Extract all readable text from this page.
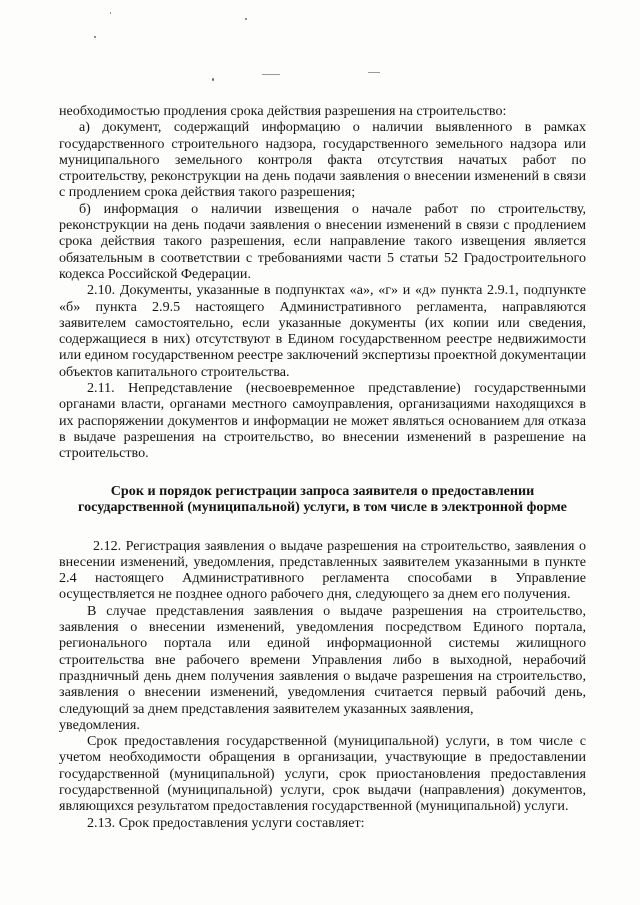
необходимостью продления срока действия разрешения на строительство:

а) документ, содержащий информацию о наличии выявленного в рамках государственного строительного надзора, государственного земельного надзора или муниципального земельного контроля факта отсутствия начатых работ по строительству, реконструкции на день подачи заявления о внесении изменений в связи с продлением срока действия такого разрешения;

б) информация о наличии извещения о начале работ по строительству, реконструкции на день подачи заявления о внесении изменений в связи с продлением срока действия такого разрешения, если направление такого извещения является обязательным в соответствии с требованиями части 5 статьи 52 Градостроительного кодекса Российской Федерации.

2.10. Документы, указанные в подпунктах «а», «г» и «д» пункта 2.9.1, подпункте «б» пункта 2.9.5 настоящего Административного регламента, направляются заявителем самостоятельно, если указанные документы (их копии или сведения, содержащиеся в них) отсутствуют в Едином государственном реестре недвижимости или едином государственном реестре заключений экспертизы проектной документации объектов капитального строительства.

2.11. Непредставление (несвоевременное представление) государственными органами власти, органами местного самоуправления, организациями находящихся в их распоряжении документов и информации не может являться основанием для отказа в выдаче разрешения на строительство, во внесении изменений в разрешение на строительство.

Срок и порядок регистрации запроса заявителя о предоставлении
государственной (муниципальной) услуги, в том числе в электронной форме

2.12. Регистрация заявления о выдаче разрешения на строительство, заявления о внесении изменений, уведомления, представленных заявителем указанными в пункте 2.4 настоящего Административного регламента способами в Управление осуществляется не позднее одного рабочего дня, следующего за днем его получения.

В случае представления заявления о выдаче разрешения на строительство, заявления о внесении изменений, уведомления посредством Единого портала, регионального портала или единой информационной системы жилищного строительства вне рабочего времени Управления либо в выходной, нерабочий праздничный день днем получения заявления о выдаче разрешения на строительство, заявления о внесении изменений, уведомления считается первый рабочий день, следующий за днем представления заявителем указанных заявления,

уведомления.

Срок предоставления государственной (муниципальной) услуги, в том числе с учетом необходимости обращения в организации, участвующие в предоставлении государственной (муниципальной) услуги, срок приостановления предоставления государственной (муниципальной) услуги, срок выдачи (направления) документов, являющихся результатом предоставления государственной (муниципальной) услуги.

2.13. Срок предоставления услуги составляет:
